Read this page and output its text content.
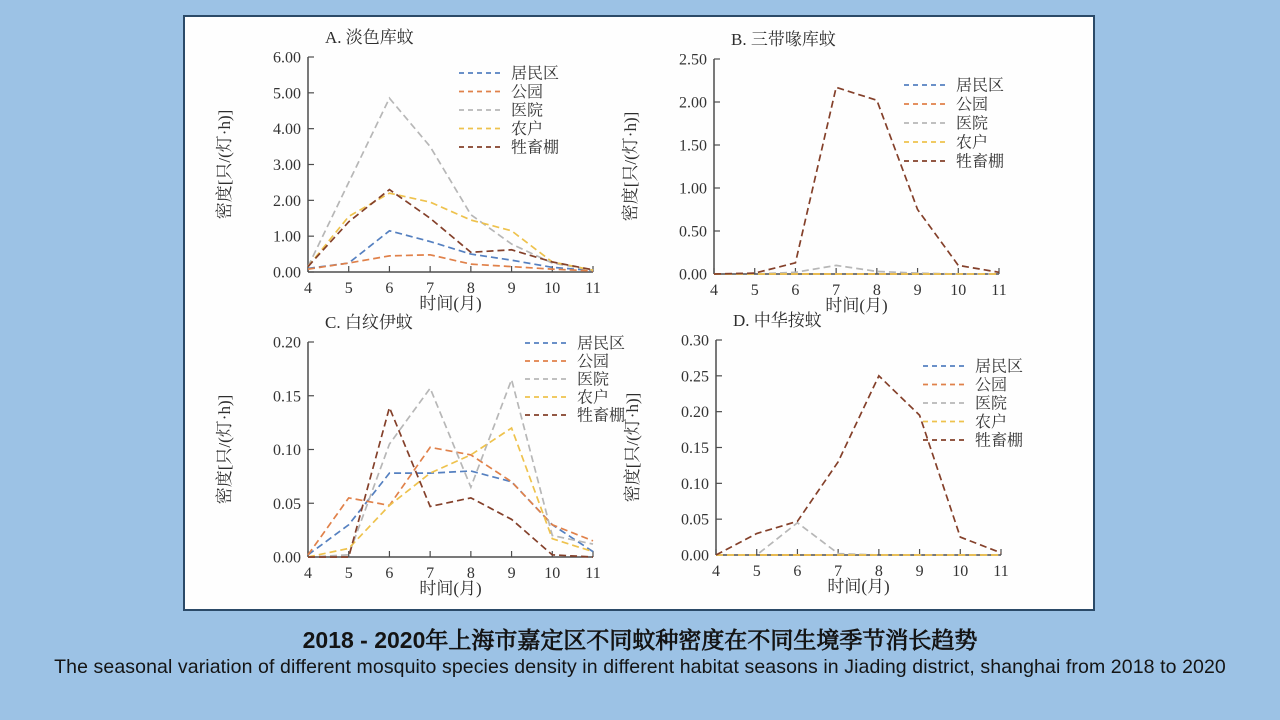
0.00
1.00
2.00
3.00
4.00
5.00
6.00
4 5 6 7 8 9 10 11
A. 淡色库蚊
密度[只/(灯·h)]
时间(月)
居民区
公园
医院
农户
牲畜棚
0.00
0.50
1.00
1.50
2.00
2.50
4 5 6 7 8 9 10 11
B. 三带喙库蚊
密度[只/(灯·h)]
时间(月)
居民区
公园
医院
农户
牲畜棚
0.00
0.05
0.10
0.15
0.20
4 5 6 7 8 9 10 11
C. 白纹伊蚊
密度[只/(灯·h)]
时间(月)
居民区
公园
医院
农户
牲畜棚
0.00
0.05
0.10
0.15
0.20
0.25
0.30
4 5 6 7 8 9 10 11
D. 中华按蚊
密度[只/(灯·h)]
时间(月)
居民区
公园
医院
农户
牲畜棚
2018 - 2020年上海市嘉定区不同蚊种密度在不同生境季节消长趋势
The seasonal variation of different mosquito species density in different habitat seasons in Jiading district, shanghai from 2018 to 2020
